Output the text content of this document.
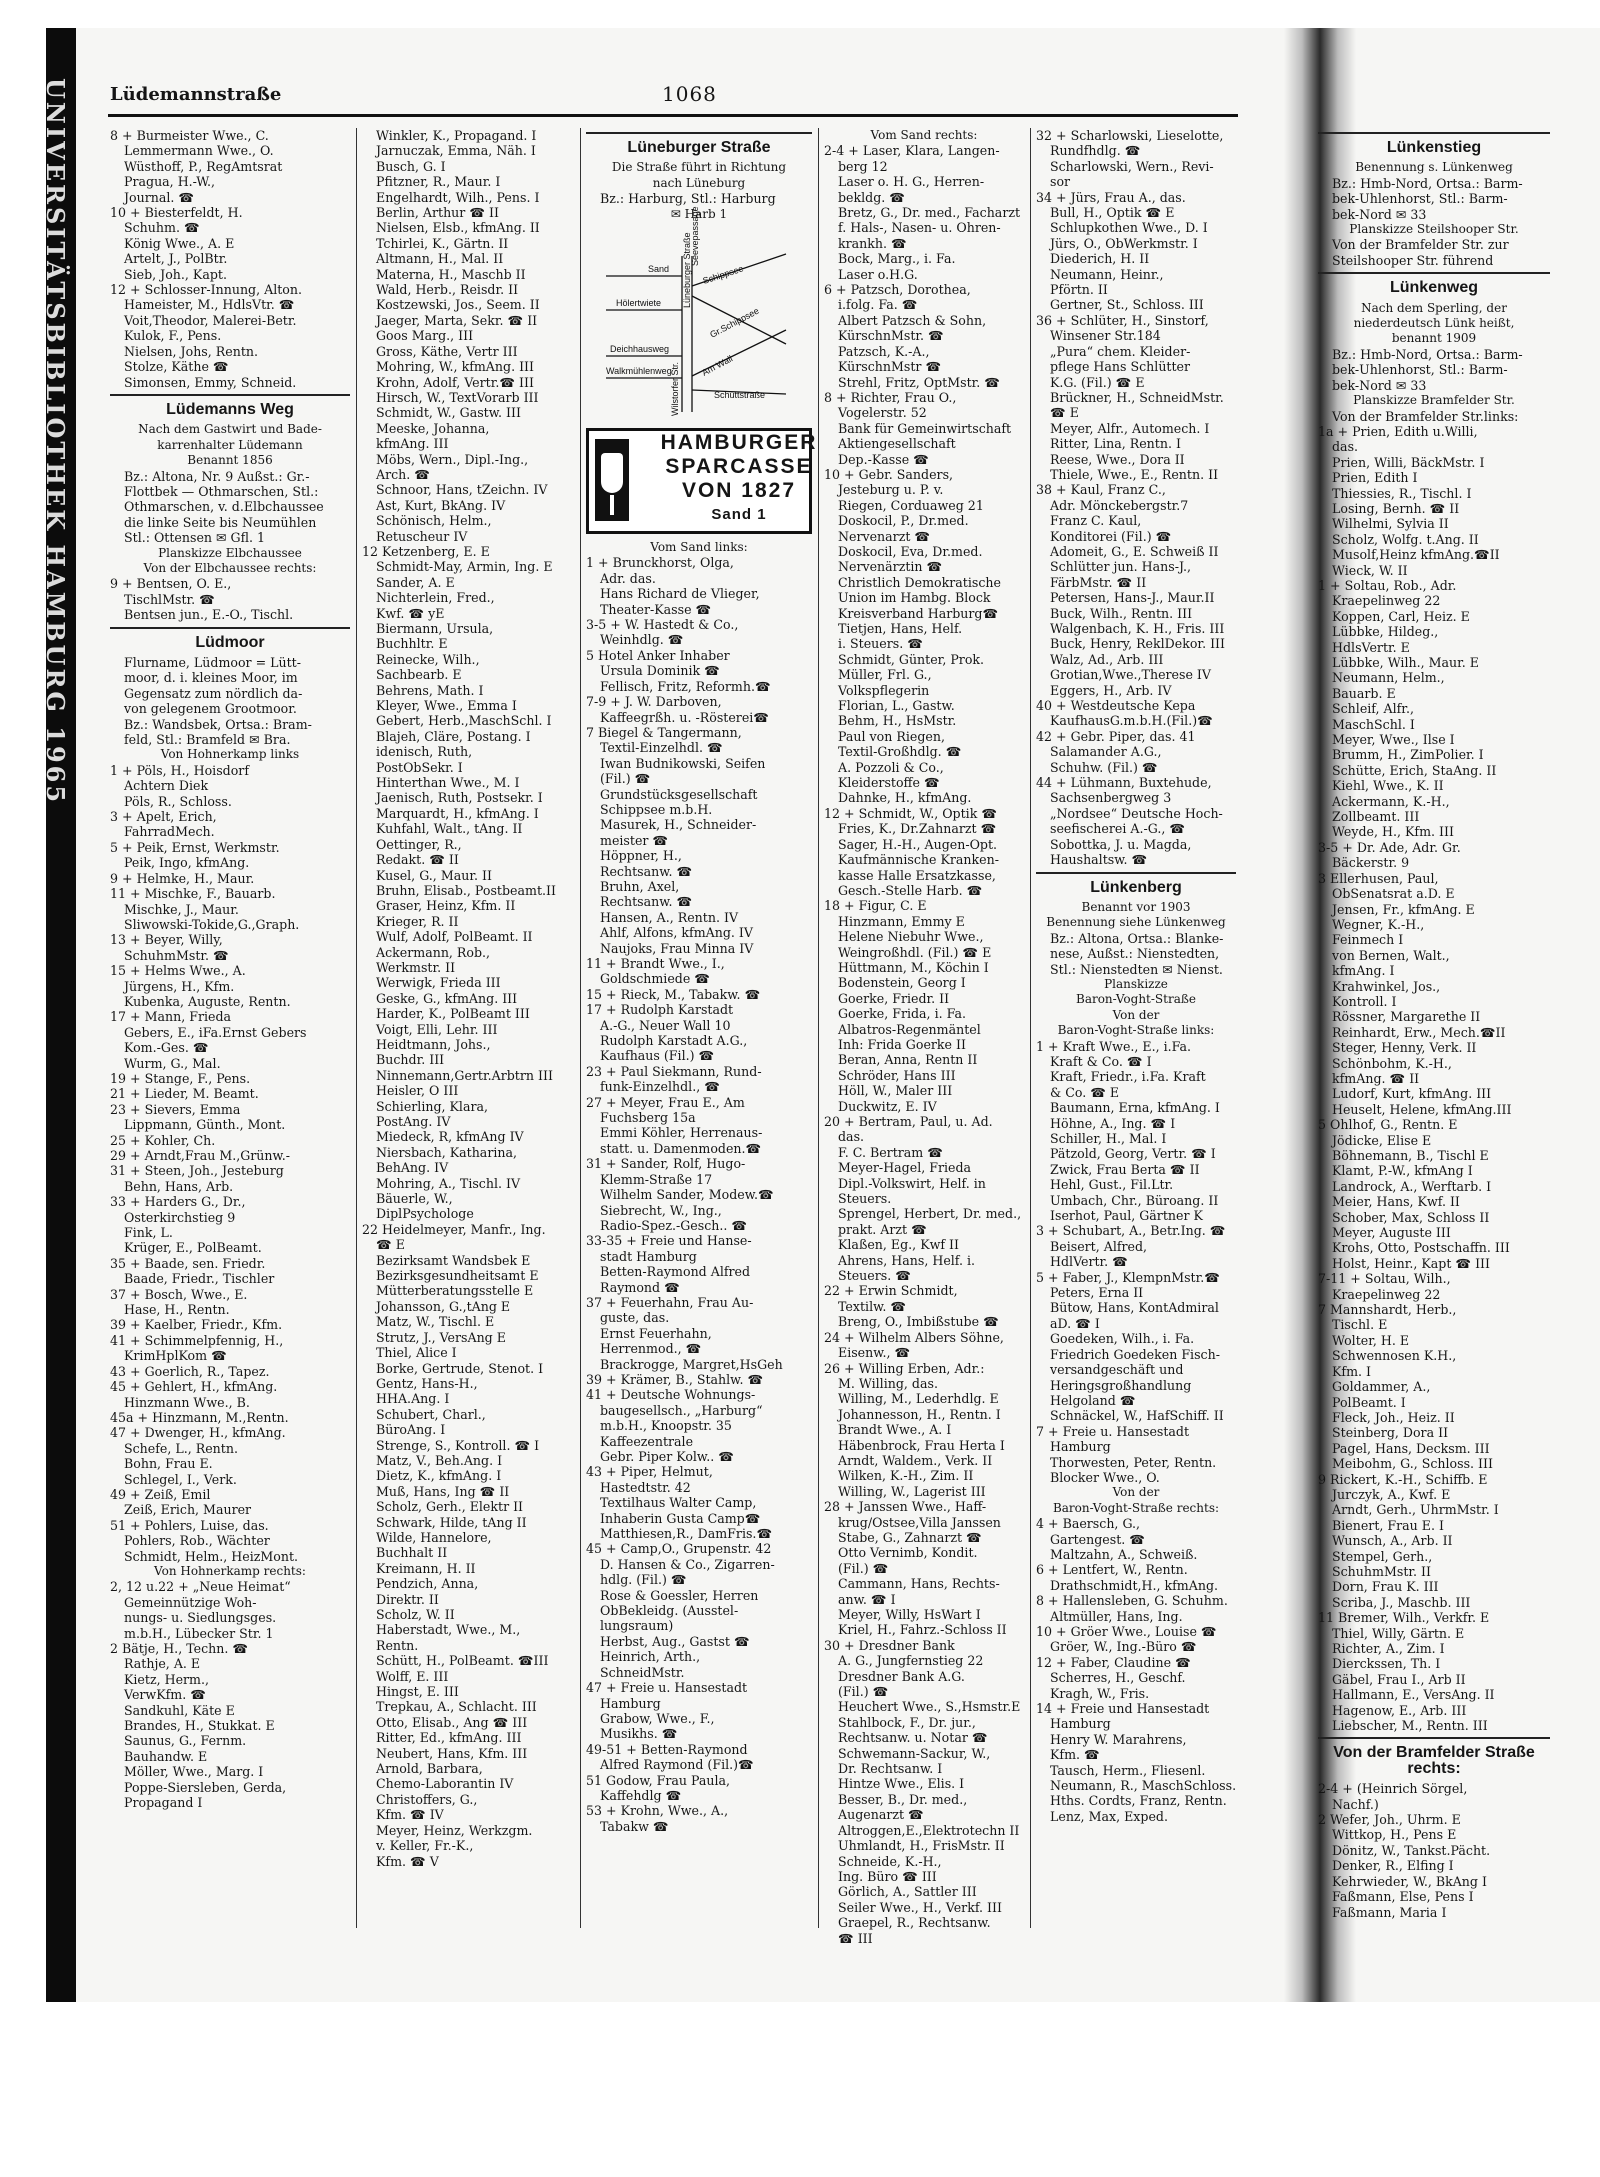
UNIVERSITÄTSBIBLIOTHEK HAMBURG 1965 Lüdemannstraße	1068
8 + Burmeister Wwe., C.
Lemmermann Wwe., O.
Wüsthoff, P., RegAmtsrat
Pragua, H.-W.,
Journal. ☎
10 + Biesterfeldt, H.
Schuhm. ☎
König Wwe., A. E
Artelt, J., PolBtr.
Sieb, Joh., Kapt.
12 + Schlosser-Innung, Alton.
Hameister, M., HdlsVtr. ☎
Voit,Theodor, Malerei-Betr.
Kulok, F., Pens.
Nielsen, Johs, Rentn.
Stolze, Käthe ☎
Simonsen, Emmy, Schneid.
Lüdemanns Weg
Nach dem Gastwirt und Bade-
karrenhalter Lüdemann
Benannt 1856
Bz.: Altona, Nr. 9 Außst.: Gr.-
Flottbek — Othmarschen, Stl.:
Othmarschen, v. d.Elbchaussee
die linke Seite bis Neumühlen
Stl.: Ottensen ✉ Gfl. 1
Planskizze Elbchaussee
Von der Elbchaussee rechts:
9 + Bentsen, O. E.,
TischlMstr. ☎
Bentsen jun., E.-O., Tischl.
Lüdmoor
Flurname, Lüdmoor = Lütt-
moor, d. i. kleines Moor, im
Gegensatz zum nördlich da-
von gelegenem Grootmoor.
Bz.: Wandsbek, Ortsa.: Bram-
feld, Stl.: Bramfeld ✉ Bra.
Von Hohnerkamp links
1 + Pöls, H., Hoisdorf
Achtern Diek
Pöls, R., Schloss.
3 + Apelt, Erich,
FahrradMech.
5 + Peik, Ernst, Werkmstr.
Peik, Ingo, kfmAng.
9 + Helmke, H., Maur.
11 + Mischke, F., Bauarb.
Mischke, J., Maur.
Sliwowski-Tokide,G.,Graph.
13 + Beyer, Willy,
SchuhmMstr. ☎
15 + Helms Wwe., A.
Jürgens, H., Kfm.
Kubenka, Auguste, Rentn.
17 + Mann, Frieda
Gebers, E., iFa.Ernst Gebers
Kom.-Ges. ☎
Wurm, G., Mal.
19 + Stange, F., Pens.
21 + Lieder, M. Beamt.
23 + Sievers, Emma
Lippmann, Günth., Mont.
25 + Kohler, Ch.
29 + Arndt,Frau M.,Grünw.-
31 + Steen, Joh., Jesteburg
Behn, Hans, Arb.
33 + Harders G., Dr.,
Osterkirchstieg 9
Fink, L.
Krüger, E., PolBeamt.
35 + Baade, sen. Friedr.
Baade, Friedr., Tischler
37 + Bosch, Wwe., E.
Hase, H., Rentn.
39 + Kaelber, Friedr., Kfm.
41 + Schimmelpfennig, H.,
KrimHplKom ☎
43 + Goerlich, R., Tapez.
45 + Gehlert, H., kfmAng.
Hinzmann Wwe., B.
45a + Hinzmann, M.,Rentn.
47 + Dwenger, H., kfmAng.
Schefe, L., Rentn.
Bohn, Frau E.
Schlegel, I., Verk.
49 + Zeiß, Emil
Zeiß, Erich, Maurer
51 + Pohlers, Luise, das.
Pohlers, Rob., Wächter
Schmidt, Helm., HeizMont.
Von Hohnerkamp rechts:
2, 12 u.22 + „Neue Heimat“
Gemeinnützige Woh-
nungs- u. Siedlungsges.
m.b.H., Lübecker Str. 1
2 Bätje, H., Techn. ☎
Rathje, A. E
Kietz, Herm.,
VerwKfm. ☎
Sandkuhl, Käte E
Brandes, H., Stukkat. E
Saunus, G., Fernm.
Bauhandw. E
Möller, Wwe., Marg. I
Poppe-Siersleben, Gerda,
Propagand I
Winkler, K., Propagand. I
Jarnuczak, Emma, Näh. I
Busch, G. I
Pfitzner, R., Maur. I
Engelhardt, Wilh., Pens. I
Berlin, Arthur ☎ II
Nielsen, Elsb., kfmAng. II
Tchirlei, K., Gärtn. II
Altmann, H., Mal. II
Materna, H., Maschb II
Wald, Herb., Reisdr. II
Kostzewski, Jos., Seem. II
Jaeger, Marta, Sekr. ☎ II
Goos Marg., III
Gross, Käthe, Vertr III
Mohring, W., kfmAng. III
Krohn, Adolf, Vertr.☎ III
Hirsch, W., TextVorarb III
Schmidt, W., Gastw. III
Meeske, Johanna,
kfmAng. III
Möbs, Wern., Dipl.-Ing.,
Arch. ☎
Schnoor, Hans, tZeichn. IV
Ast, Kurt, BkAng. IV
Schönisch, Helm.,
Retuscheur IV
12 Ketzenberg, E. E
Schmidt-May, Armin, Ing. E
Sander, A. E
Nichterlein, Fred.,
Kwf. ☎ yE
Biermann, Ursula,
Buchhltr. E
Reinecke, Wilh.,
Sachbearb. E
Behrens, Math. I
Kleyer, Wwe., Emma I
Gebert, Herb.,MaschSchl. I
Blajeh, Cläre, Postang. I
idenisch, Ruth,
PostObSekr. I
Hinterthan Wwe., M. I
Jaenisch, Ruth, Postsekr. I
Marquardt, H., kfmAng. I
Kuhfahl, Walt., tAng. II
Oettinger, R.,
Redakt. ☎ II
Kusel, G., Maur. II
Bruhn, Elisab., Postbeamt.II
Graser, Heinz, Kfm. II
Krieger, R. II
Wulf, Adolf, PolBeamt. II
Ackermann, Rob.,
Werkmstr. II
Werwigk, Frieda III
Geske, G., kfmAng. III
Harder, K., PolBeamt III
Voigt, Elli, Lehr. III
Heidtmann, Johs.,
Buchdr. III
Ninnemann,Gertr.Arbtrn III
Heisler, O III
Schierling, Klara,
PostAng. IV
Miedeck, R, kfmAng IV
Niersbach, Katharina,
BehAng. IV
Mohring, A., Tischl. IV
Bäuerle, W.,
DiplPsychologe
22 Heidelmeyer, Manfr., Ing.
☎ E
Bezirksamt Wandsbek E
Bezirksgesundheitsamt E
Mütterberatungsstelle E
Johansson, G.,tAng E
Matz, W., Tischl. E
Strutz, J., VersAng E
Thiel, Alice I
Borke, Gertrude, Stenot. I
Gentz, Hans-H.,
HHA.Ang. I
Schubert, Charl.,
BüroAng. I
Strenge, S., Kontroll. ☎ I
Matz, V., Beh.Ang. I
Dietz, K., kfmAng. I
Muß, Hans, Ing ☎ II
Scholz, Gerh., Elektr II
Schwark, Hilde, tAng II
Wilde, Hannelore,
Buchhalt II
Kreimann, H. II
Pendzich, Anna,
Direktr. II
Scholz, W. II
Haberstadt, Wwe., M.,
Rentn.
Schütt, H., PolBeamt. ☎III
Wolff, E. III
Hingst, E. III
Trepkau, A., Schlacht. III
Otto, Elisab., Ang ☎ III
Ritter, Ed., kfmAng. III
Neubert, Hans, Kfm. III
Arnold, Barbara,
Chemo-Laborantin IV
Christoffers, G.,
Kfm. ☎ IV
Meyer, Heinz, Werkzgm.
v. Keller, Fr.-K.,
Kfm. ☎ V
Lüneburger Straße
Die Straße führt in Richtung
nach Lüneburg
Bz.: Harburg, Stl.: Harburg
✉ Harb 1
Sand
Hölertwiete
Deichhausweg
Walkmühlenweg
Lüneburger Straße Schippsee
Gr.Schippsee
Am Wall
Schüttstraße
Wilstorfer Str.
Seevepassage
HAMBURGER
SPARCASSE
VON 1827
Sand 1
Vom Sand links:
1 + Brunckhorst, Olga,
Adr. das.
Hans Richard de Vlieger,
Theater-Kasse ☎
3-5 + W. Hastedt & Co.,
Weinhdlg. ☎
5 Hotel Anker Inhaber
Ursula Dominik ☎
Fellisch, Fritz, Reformh.☎
7-9 + J. W. Darboven,
Kaffeegrßh. u. -Rösterei☎
7 Biegel & Tangermann,
Textil-Einzelhdl. ☎
Iwan Budnikowski, Seifen
(Fil.) ☎
Grundstücksgesellschaft
Schippsee m.b.H.
Masurek, H., Schneider-
meister ☎
Höppner, H.,
Rechtsanw. ☎
Bruhn, Axel,
Rechtsanw. ☎
Hansen, A., Rentn. IV
Ahlf, Alfons, kfmAng. IV
Naujoks, Frau Minna IV
11 + Brandt Wwe., I.,
Goldschmiede ☎
15 + Rieck, M., Tabakw. ☎
17 + Rudolph Karstadt
A.-G., Neuer Wall 10
Rudolph Karstadt A.G.,
Kaufhaus (Fil.) ☎
23 + Paul Siekmann, Rund-
funk-Einzelhdl., ☎
27 + Meyer, Frau E., Am
Fuchsberg 15a
Emmi Köhler, Herrenaus-
statt. u. Damenmoden.☎
31 + Sander, Rolf, Hugo-
Klemm-Straße 17
Wilhelm Sander, Modew.☎
Siebrecht, W., Ing.,
Radio-Spez.-Gesch.. ☎
33-35 + Freie und Hanse-
stadt Hamburg
Betten-Raymond Alfred
Raymond ☎
37 + Feuerhahn, Frau Au-
guste, das.
Ernst Feuerhahn,
Herrenmod., ☎
Brackrogge, Margret,HsGeh
39 + Krämer, B., Stahlw. ☎
41 + Deutsche Wohnungs-
baugesellsch., „Harburg“
m.b.H., Knoopstr. 35
Kaffeezentrale
Gebr. Piper Kolw.. ☎
43 + Piper, Helmut,
Hastedtstr. 42
Textilhaus Walter Camp,
Inhaberin Gusta Camp☎
Matthiesen,R., DamFris.☎
45 + Camp,O., Grupenstr. 42
D. Hansen & Co., Zigarren-
hdlg. (Fil.) ☎
Rose & Goessler, Herren
ObBekleidg. (Ausstel-
lungsraum)
Herbst, Aug., Gastst ☎
Heinrich, Arth.,
SchneidMstr.
47 + Freie u. Hansestadt
Hamburg
Grabow, Wwe., F.,
Musikhs. ☎
49-51 + Betten-Raymond
Alfred Raymond (Fil.)☎
51 Godow, Frau Paula,
Kaffehdlg ☎
53 + Krohn, Wwe., A.,
Tabakw ☎
Vom Sand rechts:
2-4 + Laser, Klara, Langen-
berg 12
Laser o. H. G., Herren-
bekldg. ☎
Bretz, G., Dr. med., Facharzt
f. Hals-, Nasen- u. Ohren-
krankh. ☎
Bock, Marg., i. Fa.
Laser o.H.G.
6 + Patzsch, Dorothea,
i.folg. Fa. ☎
Albert Patzsch & Sohn,
KürschnMstr. ☎
Patzsch, K.-A.,
KürschnMstr ☎
Strehl, Fritz, OptMstr. ☎
8 + Richter, Frau O.,
Vogelerstr. 52
Bank für Gemeinwirtschaft
Aktiengesellschaft
Dep.-Kasse ☎
10 + Gebr. Sanders,
Jesteburg u. P. v.
Riegen, Corduaweg 21
Doskocil, P., Dr.med.
Nervenarzt ☎
Doskocil, Eva, Dr.med.
Nervenärztin ☎
Christlich Demokratische
Union im Hambg. Block
Kreisverband Harburg☎
Tietjen, Hans, Helf.
i. Steuers. ☎
Schmidt, Günter, Prok.
Müller, Frl. G.,
Volkspflegerin
Florian, L., Gastw.
Behm, H., HsMstr.
Paul von Riegen,
Textil-Großhdlg. ☎
A. Pozzoli & Co.,
Kleiderstoffe ☎
Dahnke, H., kfmAng.
12 + Schmidt, W., Optik ☎
Fries, K., Dr.Zahnarzt ☎
Sager, H.-H., Augen-Opt.
Kaufmännische Kranken-
kasse Halle Ersatzkasse,
Gesch.-Stelle Harb. ☎
18 + Figur, C. E
Hinzmann, Emmy E
Helene Niebuhr Wwe.,
Weingroßhdl. (Fil.) ☎ E
Hüttmann, M., Köchin I
Bodenstein, Georg I
Goerke, Friedr. II
Goerke, Frida, i. Fa.
Albatros-Regenmäntel
Inh: Frida Goerke II
Beran, Anna, Rentn II
Schröder, Hans III
Höll, W., Maler III
Duckwitz, E. IV
20 + Bertram, Paul, u. Ad.
das.
F. C. Bertram ☎
Meyer-Hagel, Frieda
Dipl.-Volkswirt, Helf. in
Steuers.
Sprengel, Herbert, Dr. med.,
prakt. Arzt ☎
Klaßen, Eg., Kwf II
Ahrens, Hans, Helf. i.
Steuers. ☎
22 + Erwin Schmidt,
Textilw. ☎
Breng, O., Imbißstube ☎
24 + Wilhelm Albers Söhne,
Eisenw., ☎
26 + Willing Erben, Adr.:
M. Willing, das.
Willing, M., Lederhdlg. E
Johannesson, H., Rentn. I
Brandt Wwe., A. I
Häbenbrock, Frau Herta I
Arndt, Waldem., Verk. II
Wilken, K.-H., Zim. II
Willing, W., Lagerist III
28 + Janssen Wwe., Haff-
krug/Ostsee,Villa Janssen
Stabe, G., Zahnarzt ☎
Otto Vernimb, Kondit.
(Fil.) ☎
Cammann, Hans, Rechts-
anw. ☎ I
Meyer, Willy, HsWart I
Kriel, H., Fahrz.-Schloss II
30 + Dresdner Bank
A. G., Jungfernstieg 22
Dresdner Bank A.G.
(Fil.) ☎
Heuchert Wwe., S.,Hsmstr.E
Stahlbock, F., Dr. jur.,
Rechtsanw. u. Notar ☎
Schwemann-Sackur, W.,
Dr. Rechtsanw. I
Hintze Wwe., Elis. I
Besser, B., Dr. med.,
Augenarzt ☎
Altroggen,E.,Elektrotechn II
Uhmlandt, H., FrisMstr. II
Schneide, K.-H.,
Ing. Büro ☎ III
Görlich, A., Sattler III
Seiler Wwe., H., Verkf. III
Graepel, R., Rechtsanw.
☎ III
32 + Scharlowski, Lieselotte,
Rundfhdlg. ☎
Scharlowski, Wern., Revi-
sor
34 + Jürs, Frau A., das.
Bull, H., Optik ☎ E
Schlupkothen Wwe., D. I
Jürs, O., ObWerkmstr. I
Diederich, H. II
Neumann, Heinr.,
Pförtn. II
Gertner, St., Schloss. III
36 + Schlüter, H., Sinstorf,
Winsener Str.184
„Pura“ chem. Kleider-
pflege Hans Schlütter
K.G. (Fil.) ☎ E
Brückner, H., SchneidMstr.
☎ E
Meyer, Alfr., Automech. I
Ritter, Lina, Rentn. I
Reese, Wwe., Dora II
Thiele, Wwe., E., Rentn. II
38 + Kaul, Franz C.,
Adr. Mönckebergstr.7
Franz C. Kaul,
Konditorei (Fil.) ☎
Adomeit, G., E. Schweiß II
Schlütter jun. Hans-J.,
FärbMstr. ☎ II
Petersen, Hans-J., Maur.II
Buck, Wilh., Rentn. III
Walgenbach, K. H., Fris. III
Buck, Henry, ReklDekor. III
Walz, Ad., Arb. III
Grotian,Wwe.,Therese IV
Eggers, H., Arb. IV
40 + Westdeutsche Kepa
KaufhausG.m.b.H.(Fil.)☎
42 + Gebr. Piper, das. 41
Salamander A.G.,
Schuhw. (Fil.) ☎
44 + Lühmann, Buxtehude,
Sachsenbergweg 3
„Nordsee“ Deutsche Hoch-
seefischerei A.-G., ☎
Sobottka, J. u. Magda,
Haushaltsw. ☎
Lünkenberg
Benannt vor 1903
Benennung siehe Lünkenweg
Bz.: Altona, Ortsa.: Blanke-
nese, Außst.: Nienstedten,
Stl.: Nienstedten ✉ Nienst.
Planskizze
Baron-Voght-Straße
Von der
Baron-Voght-Straße links:
1 + Kraft Wwe., E., i.Fa.
Kraft & Co. ☎ I
Kraft, Friedr., i.Fa. Kraft
& Co. ☎ E
Baumann, Erna, kfmAng. I
Höhne, A., Ing. ☎ I
Schiller, H., Mal. I
Pätzold, Georg, Vertr. ☎ I
Zwick, Frau Berta ☎ II
Hehl, Gust., Fil.Ltr.
Umbach, Chr., Büroang. II
Iserhot, Paul, Gärtner K
3 + Schubart, A., Betr.Ing. ☎
Beisert, Alfred,
HdlVertr. ☎
5 + Faber, J., KlempnMstr.☎
Peters, Erna II
Bütow, Hans, KontAdmiral
aD. ☎ I
Goedeken, Wilh., i. Fa.
Friedrich Goedeken Fisch-
versandgeschäft und
Heringsgroßhandlung
Helgoland ☎
Schnäckel, W., HafSchiff. II
7 + Freie u. Hansestadt
Hamburg
Thorwesten, Peter, Rentn.
Blocker Wwe., O.
Von der
Baron-Voght-Straße rechts:
4 + Baersch, G.,
Gartengest. ☎
Maltzahn, A., Schweiß.
6 + Lentfert, W., Rentn.
Drathschmidt,H., kfmAng.
8 + Hallensleben, G. Schuhm.
Altmüller, Hans, Ing.
10 + Gröer Wwe., Louise ☎
Gröer, W., Ing.-Büro ☎
12 + Faber, Claudine ☎
Scherres, H., Geschf.
Kragh, W., Fris.
14 + Freie und Hansestadt
Hamburg
Henry W. Marahrens,
Kfm. ☎
Tausch, Herm., Fliesenl.
Neumann, R., MaschSchloss.
Hths. Cordts, Franz, Rentn.
Lenz, Max, Exped.
Lünkenstieg
Benennung s. Lünkenweg
Bz.: Hmb-Nord, Ortsa.: Barm-
bek-Uhlenhorst, Stl.: Barm-
bek-Nord ✉ 33
Planskizze Steilshooper Str.
Von der Bramfelder Str. zur
Steilshooper Str. führend
Lünkenweg
Nach dem Sperling, der
niederdeutsch Lünk heißt,
benannt 1909
Bz.: Hmb-Nord, Ortsa.: Barm-
bek-Uhlenhorst, Stl.: Barm-
bek-Nord ✉ 33
Planskizze Bramfelder Str.
Von der Bramfelder Str.links:
1a + Prien, Edith u.Willi,
das.
Prien, Willi, BäckMstr. I
Prien, Edith I
Thiessies, R., Tischl. I
Losing, Bernh. ☎ II
Wilhelmi, Sylvia II
Scholz, Wolfg. t.Ang. II
Musolf,Heinz kfmAng.☎II
Wieck, W. II
1 + Soltau, Rob., Adr.
Kraepelinweg 22
Koppen, Carl, Heiz. E
Lübbke, Hildeg.,
HdlsVertr. E
Lübbke, Wilh., Maur. E
Neumann, Helm.,
Bauarb. E
Schleif, Alfr.,
MaschSchl. I
Meyer, Wwe., Ilse I
Brumm, H., ZimPolier. I
Schütte, Erich, StaAng. II
Kiehl, Wwe., K. II
Ackermann, K.-H.,
Zollbeamt. III
Weyde, H., Kfm. III
3-5 + Dr. Ade, Adr. Gr.
Bäckerstr. 9
3 Ellerhusen, Paul,
ObSenatsrat a.D. E
Jensen, Fr., kfmAng. E
Wegner, K.-H.,
Feinmech I
von Bernen, Walt.,
kfmAng. I
Krahwinkel, Jos.,
Kontroll. I
Rössner, Margarethe II
Reinhardt, Erw., Mech.☎II
Steger, Henny, Verk. II
Schönbohm, K.-H.,
kfmAng. ☎ II
Ludorf, Kurt, kfmAng. III
Heuselt, Helene, kfmAng.III
5 Ohlhof, G., Rentn. E
Jödicke, Elise E
Böhnemann, B., Tischl E
Klamt, P.-W., kfmAng I
Landrock, A., Werftarb. I
Meier, Hans, Kwf. II
Schober, Max, Schloss II
Meyer, Auguste III
Krohs, Otto, Postschaffn. III
Holst, Heinr., Kapt ☎ III
7-11 + Soltau, Wilh.,
Kraepelinweg 22
7 Mannshardt, Herb.,
Tischl. E
Wolter, H. E
Schwennosen K.H.,
Kfm. I
Goldammer, A.,
PolBeamt. I
Fleck, Joh., Heiz. II
Steinberg, Dora II
Pagel, Hans, Decksm. III
Meibohm, G., Schloss. III
9 Rickert, K.-H., Schiffb. E
Jurczyk, A., Kwf. E
Arndt, Gerh., UhrmMstr. I
Bienert, Frau E. I
Wunsch, A., Arb. II
Stempel, Gerh.,
SchuhmMstr. II
Dorn, Frau K. III
Scriba, J., Maschb. III
11 Bremer, Wilh., Verkfr. E
Thiel, Willy, Gärtn. E
Richter, A., Zim. I
Dierckssen, Th. I
Gäbel, Frau I., Arb II
Hallmann, E., VersAng. II
Hagenow, E., Arb. III
Liebscher, M., Rentn. III
Von der Bramfelder Straße rechts:
2-4 + (Heinrich Sörgel,
Nachf.)
2 Wefer, Joh., Uhrm. E
Wittkop, H., Pens E
Dönitz, W., Tankst.Pächt.
Denker, R., Elfing I
Kehrwieder, W., BkAng I
Faßmann, Else, Pens I
Faßmann, Maria I
